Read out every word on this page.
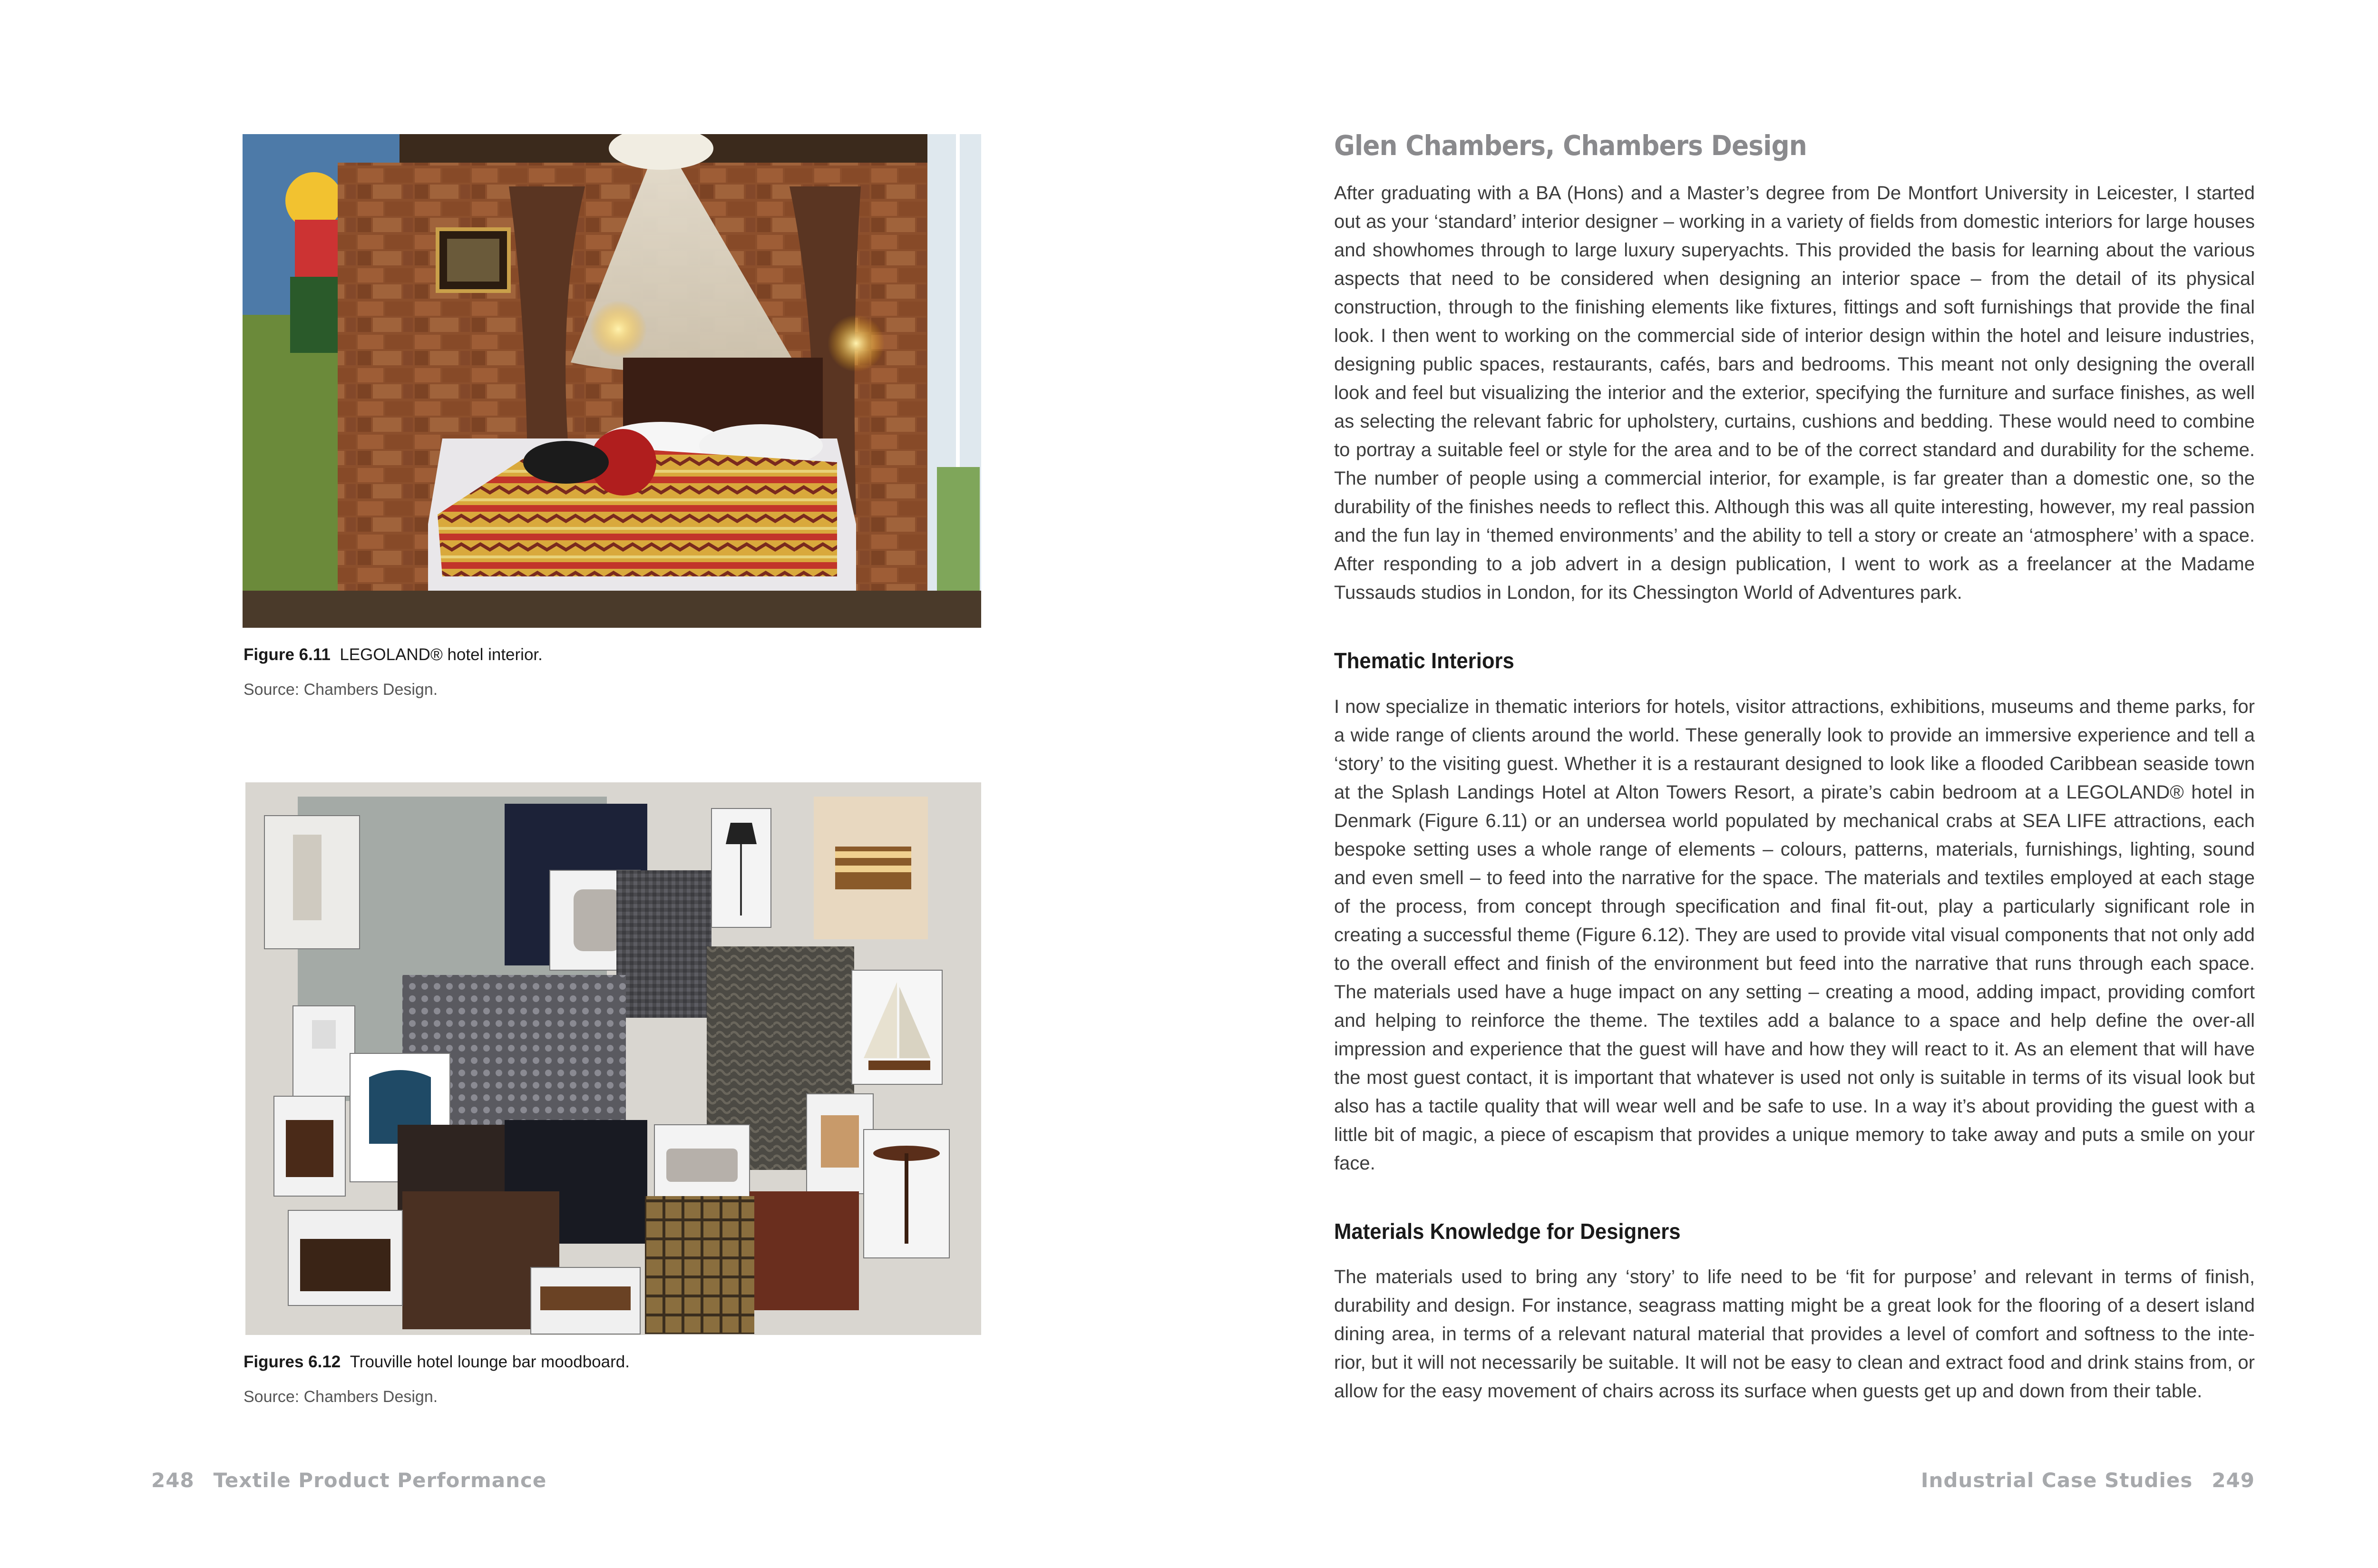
Figure 6.11 LEGOLAND® hotel interior.
Source: Chambers Design.
Figures 6.12 Trouville hotel lounge bar moodboard.
Source: Chambers Design.
248 Textile Product Performance
Glen Chambers, Chambers Design

After graduating with a BA (Hons) and a Master’s degree from De Montfort University in Leicester, I started out as your ‘standard’ interior designer – working in a variety of fields from domestic interiors for large houses and showhomes through to large luxury superyachts. This provided the basis for learning about the various aspects that need to be considered when designing an interior space – from the detail of its physical construction, through to the finishing elements like fixtures, fittings and soft furnishings that provide the final look. I then went to working on the commercial side of interior design within the hotel and leisure industries, designing public spaces, restaurants, cafés, bars and bedrooms. This meant not only designing the overall look and feel but visualizing the interior and the exterior, specifying the furniture and surface finishes, as well as selecting the relevant fabric for upholstery, curtains, cushions and bedding. These would need to combine to portray a suitable feel or style for the area and to be of the correct standard and durability for the scheme. The number of people using a commercial interior, for example, is far greater than a domestic one, so the durability of the finishes needs to reflect this. Although this was all quite interesting, however, my real passion and the fun lay in ‘themed environments’ and the ability to tell a story or create an ‘atmosphere’ with a space. After responding to a job advert in a design publication, I went to work as a freelancer at the Madame Tussauds studios in London, for its Chessington World of Adventures park.

Thematic Interiors

I now specialize in thematic interiors for hotels, visitor attractions, exhibitions, museums and theme parks, for a wide range of clients around the world. These generally look to provide an immersive experience and tell a ‘story’ to the visiting guest. Whether it is a restaurant designed to look like a flooded Caribbean seaside town at the Splash Landings Hotel at Alton Towers Resort, a pirate’s cabin bedroom at a LEGOLAND® hotel in Denmark (Figure 6.11) or an undersea world populated by mechanical crabs at SEA LIFE attractions, each bespoke setting uses a whole range of elements – colours, patterns, materials, furnishings, lighting, sound and even smell – to feed into the narrative for the space. The materials and textiles employed at each stage of the process, from concept through specification and final fit-out, play a particularly significant role in creating a successful theme (Figure 6.12). They are used to provide vital visual components that not only add to the overall effect and finish of the environment but feed into the narrative that runs through each space. The materials used have a huge impact on any setting – creating a mood, adding impact, providing comfort and helping to reinforce the theme. The textiles add a balance to a space and help define the over-all impression and experience that the guest will have and how they will react to it. As an element that will have the most guest contact, it is important that whatever is used not only is suitable in terms of its visual look but also has a tactile quality that will wear well and be safe to use. In a way it’s about providing the guest with a little bit of magic, a piece of escapism that provides a unique memory to take away and puts a smile on your face.

Materials Knowledge for Designers

The materials used to bring any ‘story’ to life need to be ‘fit for purpose’ and relevant in terms of finish, durability and design. For instance, seagrass matting might be a great look for the flooring of a desert island dining area, in terms of a relevant natural material that provides a level of comfort and softness to the inte-rior, but it will not necessarily be suitable. It will not be easy to clean and extract food and drink stains from, or allow for the easy movement of chairs across its surface when guests get up and down from their table.

Industrial Case Studies 249
